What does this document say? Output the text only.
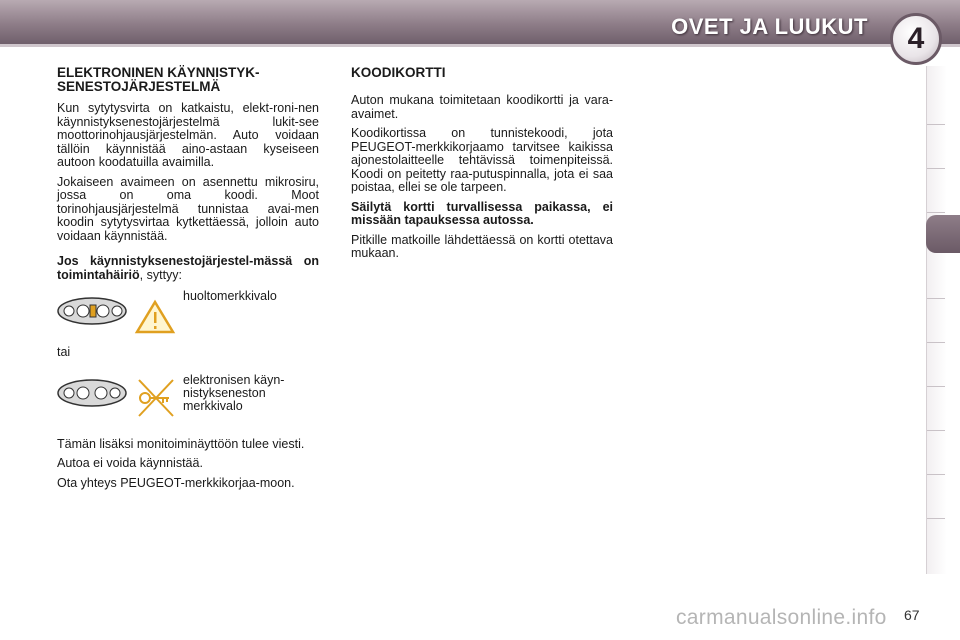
OVET JA LUUKUT 4
ELEKTRONINEN KÄYNNISTYK-SENESTOJÄRJESTELMÄ

Kun sytytysvirta on katkaistu, elekt-roni-nen käynnistyksenestojärjestelmä lukit-see moottorinohjausjärjestelmän. Auto voidaan tällöin käynnistää aino-astaan kyseiseen autoon koodatuilla avaimilla.

Jokaiseen avaimeen on asennettu mikrosiru, jossa on oma koodi. Moot torinohjausjärjestelmä tunnistaa avai-men koodin sytytysvirtaa kytkettäessä, jolloin auto voidaan käynnistää.

Jos käynnistyksenestojärjestel-mässä on toimintahäiriö, syttyy:

huoltomerkkivalo

tai

elektronisen käyn-nistykseneston merkkivalo

Tämän lisäksi monitoiminäyttöön tulee viesti.

Autoa ei voida käynnistää.

Ota yhteys PEUGEOT-merkkikorjaa-moon.

KOODIKORTTI

Auton mukana toimitetaan koodikortti ja vara-avaimet.

Koodikortissa on tunnistekoodi, jota PEUGEOT-merkkikorjaamo tarvitsee kaikissa ajonestolaitteelle tehtävissä toimenpiteissä. Koodi on peitetty raa-putuspinnalla, jota ei saa poistaa, ellei se ole tarpeen.

Säilytä kortti turvallisessa paikassa, ei missään tapauksessa autossa.

Pitkille matkoille lähdettäessä on kortti otettava mukaan.

67
carmanualsonline.info
